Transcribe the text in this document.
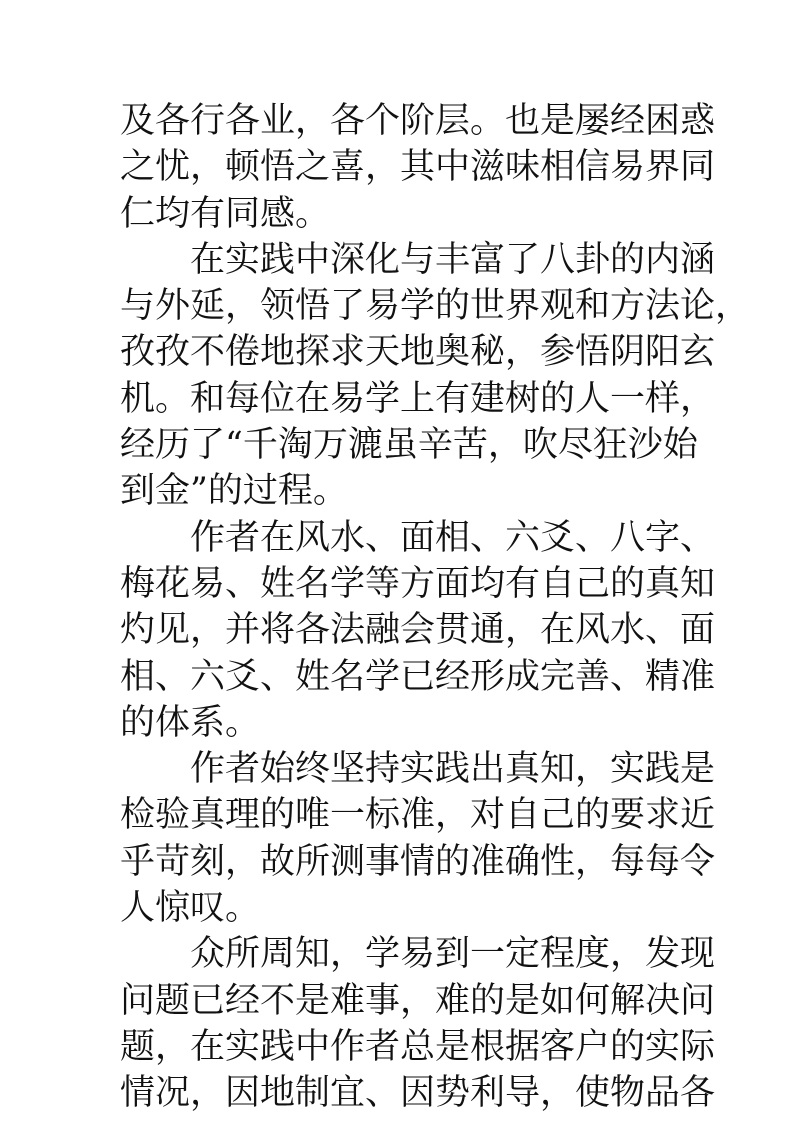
及各行各业，各个阶层。也是屡经困惑
之忧，顿悟之喜，其中滋味相信易界同
仁均有同感。
在实践中深化与丰富了八卦的内涵
与外延，领悟了易学的世界观和方法论，
孜孜不倦地探求天地奥秘，参悟阴阳玄
机。和每位在易学上有建树的人一样，
经历了“千淘万漉虽辛苦，吹尽狂沙始
到金”的过程。
作者在风水、面相、六爻、八字、
梅花易、姓名学等方面均有自己的真知
灼见，并将各法融会贯通，在风水、面
相、六爻、姓名学已经形成完善、精准
的体系。
作者始终坚持实践出真知，实践是
检验真理的唯一标准，对自己的要求近
乎苛刻，故所测事情的准确性，每每令
人惊叹。
众所周知，学易到一定程度，发现
问题已经不是难事，难的是如何解决问
题，在实践中作者总是根据客户的实际
情况，因地制宜、因势利导，使物品各
